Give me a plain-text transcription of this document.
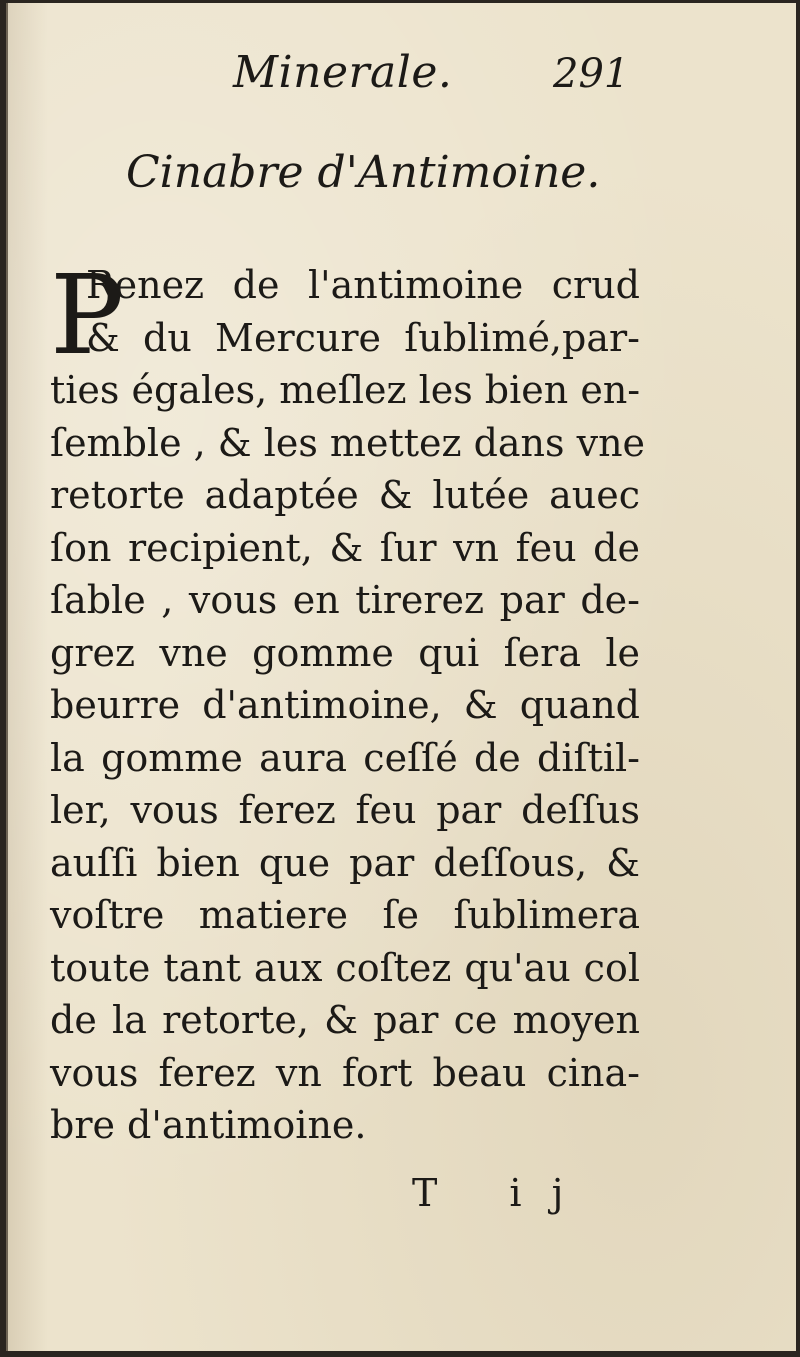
Minerale.	291
Cinabre d'Antimoine.
P
Renez de l'antimoine crud
& du Mercure ſublimé,par-
ties égales, meſlez les bien en-
ſemble , & les mettez dans vne
retorte adaptée & lutée auec
ſon recipient, & ſur vn feu de
ſable , vous en tirerez par de-
grez vne gomme qui ſera le
beurre d'antimoine, & quand
la gomme aura ceſſé de diſtil-
ler, vous ferez feu par deſſus
auſſi bien que par deſſous, &
voſtre matiere ſe ſublimera
toute tant aux coſtez qu'au col
de la retorte, & par ce moyen
vous ferez vn fort beau cina-
bre d'antimoine.
T ij
